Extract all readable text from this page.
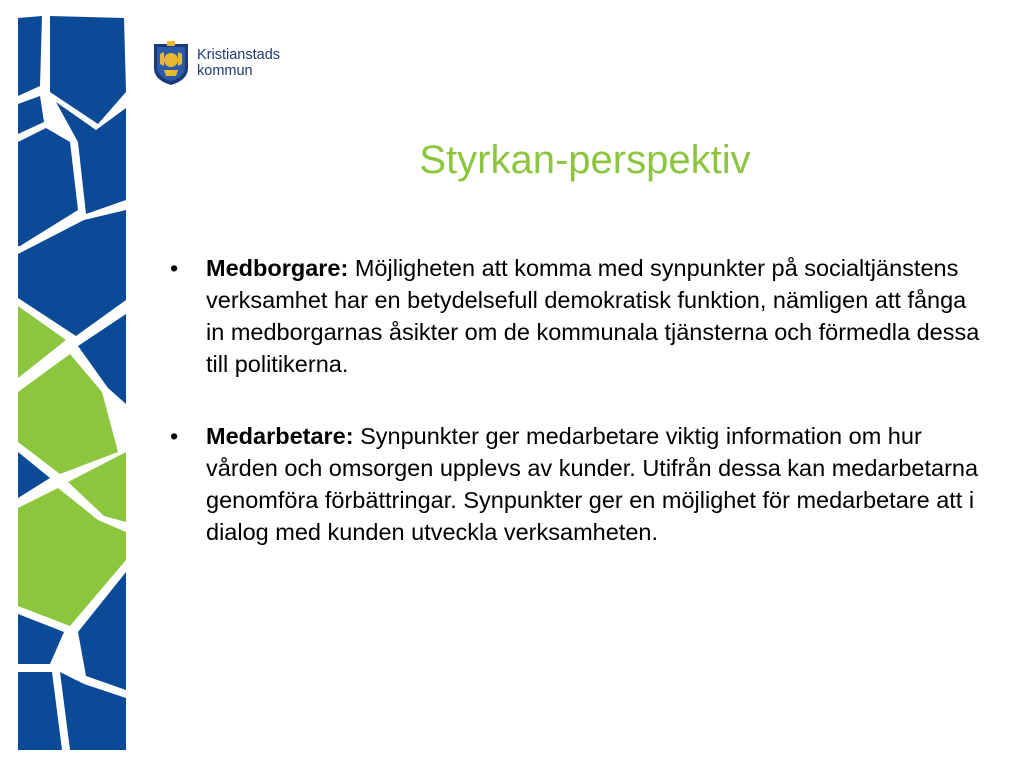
Kristianstads
kommun
Styrkan-perspektiv

•	Medborgare: Möjligheten att komma med synpunkter på socialtjänstens verksamhet har en betydelsefull demokratisk funktion, nämligen att fånga in medborgarnas åsikter om de kommunala tjänsterna och förmedla dessa till politikerna.

•	Medarbetare: Synpunkter ger medarbetare viktig information om hur vården och omsorgen upplevs av kunder. Utifrån dessa kan medarbetarna genomföra förbättringar. Synpunkter ger en möjlighet för medarbetare att i dialog med kunden utveckla verksamheten.
